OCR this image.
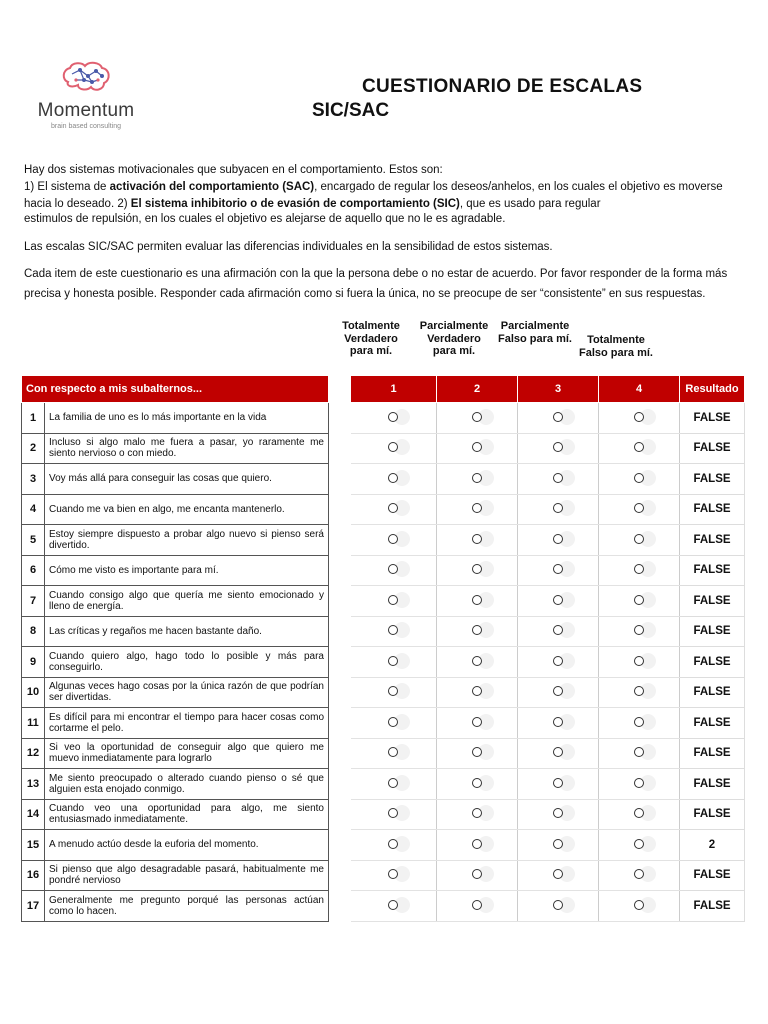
Momentum
brain based consulting
CUESTIONARIO DE ESCALAS
SIC/SAC
Hay dos sistemas motivacionales que subyacen en el comportamiento. Estos son:
1) El sistema de activación del comportamiento (SAC), encargado de regular los deseos/anhelos, en los cuales el objetivo es moverse
hacia lo deseado. 2) El sistema inhibitorio o de evasión de comportamiento (SIC), que es usado para regular
estimulos de repulsión, en los cuales el objetivo es alejarse de aquello que no le es agradable.
Las escalas SIC/SAC permiten evaluar las diferencias individuales en la sensibilidad de estos sistemas.
Cada item de este cuestionario es una afirmación con la que la persona debe o no estar de acuerdo. Por favor responder de la forma más
precisa y honesta posible. Responder cada afirmación como si fuera la única, no se preocupe de ser “consistente” en sus respuestas.
Totalmente
Verdadero
para mí.
Parcialmente
Verdadero
para mí.
Parcialmente
Falso para mí.	Totalmente
Falso para mí.
Con respecto a mis subalternos...			1	2	3	4	Resultado
1	La familia de uno es lo más importante en la vida						FALSE
2	Incluso si algo malo me fuera a pasar, yo raramente me siento nervioso o con miedo.						FALSE
3	Voy más allá para conseguir las cosas que quiero.						FALSE
4	Cuando me va bien en algo, me encanta mantenerlo.						FALSE
5	Estoy siempre dispuesto a probar algo nuevo si pienso será divertido.						FALSE
6	Cómo me visto es importante para mí.						FALSE
7	Cuando consigo algo que quería me siento emocionado y lleno de energía.						FALSE
8	Las críticas y regaños me hacen bastante daño.						FALSE
9	Cuando quiero algo, hago todo lo posible y más para conseguirlo.						FALSE
10	Algunas veces hago cosas por la única razón de que podrían ser divertidas.						FALSE
11	Es difícil para mi encontrar el tiempo para hacer cosas como cortarme el pelo.						FALSE
12	Si veo la oportunidad de conseguir algo que quiero me muevo inmediatamente para lograrlo						FALSE
13	Me siento preocupado o alterado cuando pienso o sé que alguien esta enojado conmigo.						FALSE
14	Cuando veo una oportunidad para algo, me siento entusiasmado inmediatamente.						FALSE
15	A menudo actúo desde la euforia del momento.						2
16	Si pienso que algo desagradable pasará, habitualmente me pondré nervioso						FALSE
17	Generalmente me pregunto porqué las personas actúan como lo hacen.						FALSE
